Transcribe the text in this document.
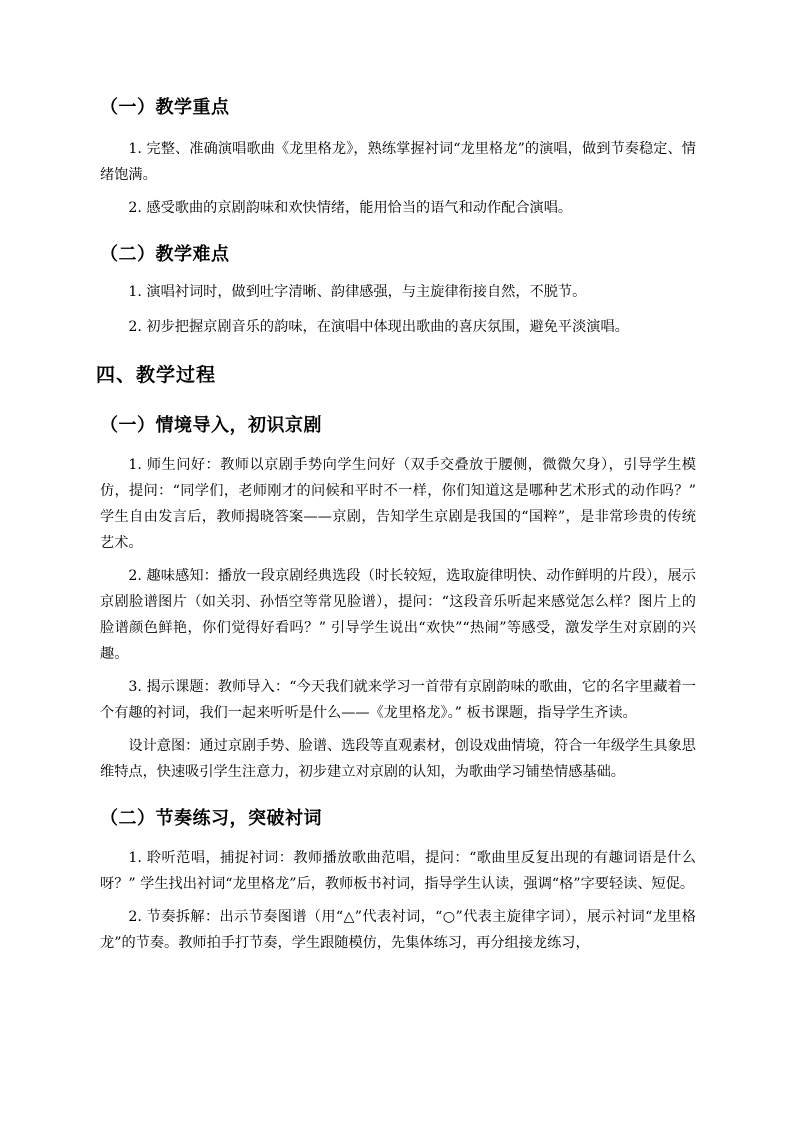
（一）教学重点
1. 完整、准确演唱歌曲《龙里格龙》，熟练掌握衬词“龙里格龙”的演唱，做到节奏稳定、情绪饱满。
2. 感受歌曲的京剧韵味和欢快情绪，能用恰当的语气和动作配合演唱。
（二）教学难点
1. 演唱衬词时，做到吐字清晰、韵律感强，与主旋律衔接自然，不脱节。
2. 初步把握京剧音乐的韵味，在演唱中体现出歌曲的喜庆氛围，避免平淡演唱。
四、教学过程
（一）情境导入，初识京剧
1. 师生问好：教师以京剧手势向学生问好（双手交叠放于腰侧，微微欠身），引导学生模仿，提问：“同学们，老师刚才的问候和平时不一样，你们知道这是哪种艺术形式的动作吗？” 学生自由发言后，教师揭晓答案——京剧，告知学生京剧是我国的“国粹”，是非常珍贵的传统艺术。
2. 趣味感知：播放一段京剧经典选段（时长较短，选取旋律明快、动作鲜明的片段），展示京剧脸谱图片（如关羽、孙悟空等常见脸谱），提问：“这段音乐听起来感觉怎么样？图片上的脸谱颜色鲜艳，你们觉得好看吗？” 引导学生说出“欢快”“热闹”等感受，激发学生对京剧的兴趣。
3. 揭示课题：教师导入：“今天我们就来学习一首带有京剧韵味的歌曲，它的名字里藏着一个有趣的衬词，我们一起来听听是什么——《龙里格龙》。” 板书课题，指导学生齐读。
设计意图：通过京剧手势、脸谱、选段等直观素材，创设戏曲情境，符合一年级学生具象思维特点，快速吸引学生注意力，初步建立对京剧的认知，为歌曲学习铺垫情感基础。
（二）节奏练习，突破衬词
1. 聆听范唱，捕捉衬词：教师播放歌曲范唱，提问：“歌曲里反复出现的有趣词语是什么呀？” 学生找出衬词“龙里格龙”后，教师板书衬词，指导学生认读，强调“格”字要轻读、短促。
2. 节奏拆解：出示节奏图谱（用“△”代表衬词，“○”代表主旋律字词），展示衬词“龙里格龙”的节奏。教师拍手打节奏，学生跟随模仿，先集体练习，再分组接龙练习，
